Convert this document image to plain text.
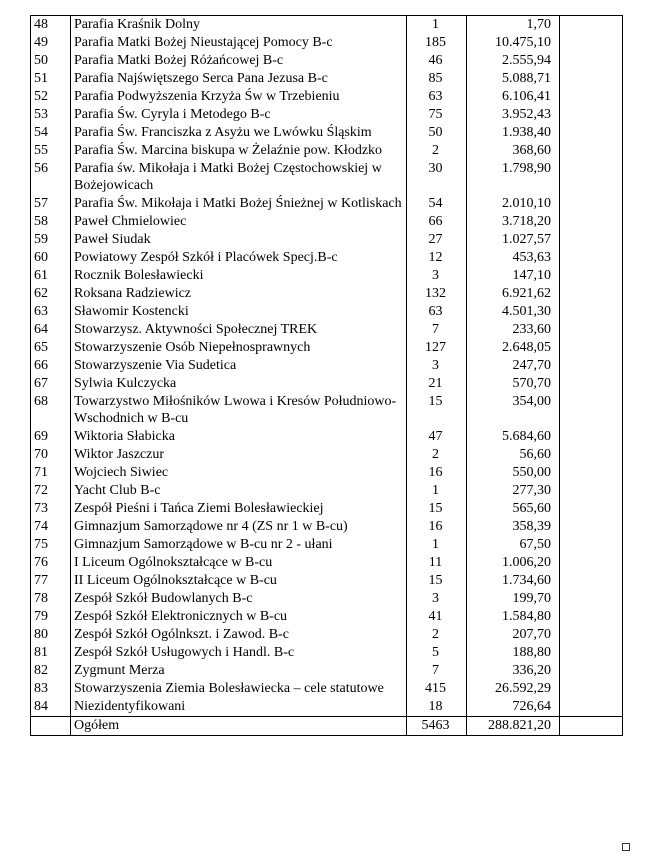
48	Parafia Kraśnik Dolny	1	1,70	
49	Parafia Matki Bożej Nieustającej Pomocy B-c	185	10.475,10	
50	Parafia Matki Bożej Różańcowej B-c	46	2.555,94	
51	Parafia Najświętszego Serca Pana Jezusa B-c	85	5.088,71	
52	Parafia Podwyższenia Krzyża Św w Trzebieniu	63	6.106,41	
53	Parafia Św. Cyryla i Metodego B-c	75	3.952,43	
54	Parafia Św. Franciszka z Asyżu we Lwówku Śląskim	50	1.938,40	
55	Parafia Św. Marcina biskupa w Żelaźnie pow. Kłodzko	2	368,60	
56	Parafia św. Mikołaja i Matki Bożej Częstochowskiej w Bożejowicach	30	1.798,90	
57	Parafia Św. Mikołaja i Matki Bożej Śnieżnej w Kotliskach	54	2.010,10	
58	Paweł Chmielowiec	66	3.718,20	
59	Paweł Siudak	27	1.027,57	
60	Powiatowy Zespół Szkół i Placówek Specj.B-c	12	453,63	
61	Rocznik Bolesławiecki	3	147,10	
62	Roksana Radziewicz	132	6.921,62	
63	Sławomir Kostencki	63	4.501,30	
64	Stowarzysz. Aktywności Społecznej TREK	7	233,60	
65	Stowarzyszenie Osób Niepełnosprawnych	127	2.648,05	
66	Stowarzyszenie Via Sudetica	3	247,70	
67	Sylwia Kulczycka	21	570,70	
68	Towarzystwo Miłośników Lwowa i Kresów Południowo-Wschodnich w B-cu	15	354,00	
69	Wiktoria Słabicka	47	5.684,60	
70	Wiktor Jaszczur	2	56,60	
71	Wojciech Siwiec	16	550,00	
72	Yacht Club B-c	1	277,30	
73	Zespół Pieśni i Tańca Ziemi Bolesławieckiej	15	565,60	
74	Gimnazjum Samorządowe nr 4 (ZS nr 1 w B-cu)	16	358,39	
75	Gimnazjum Samorządowe w B-cu nr 2 - ułani	1	67,50	
76	I Liceum Ogólnokształcące w B-cu	11	1.006,20	
77	II Liceum Ogólnokształcące w B-cu	15	1.734,60	
78	Zespół Szkół Budowlanych B-c	3	199,70	
79	Zespół Szkół Elektronicznych w B-cu	41	1.584,80	
80	Zespół Szkół Ogólnkszt. i Zawod. B-c	2	207,70	
81	Zespół Szkół Usługowych i Handl. B-c	5	188,80	
82	Zygmunt Merza	7	336,20	
83	Stowarzyszenia Ziemia Bolesławiecka – cele statutowe	415	26.592,29	
84	Niezidentyfikowani	18	726,64	
	Ogółem	5463	288.821,20	
